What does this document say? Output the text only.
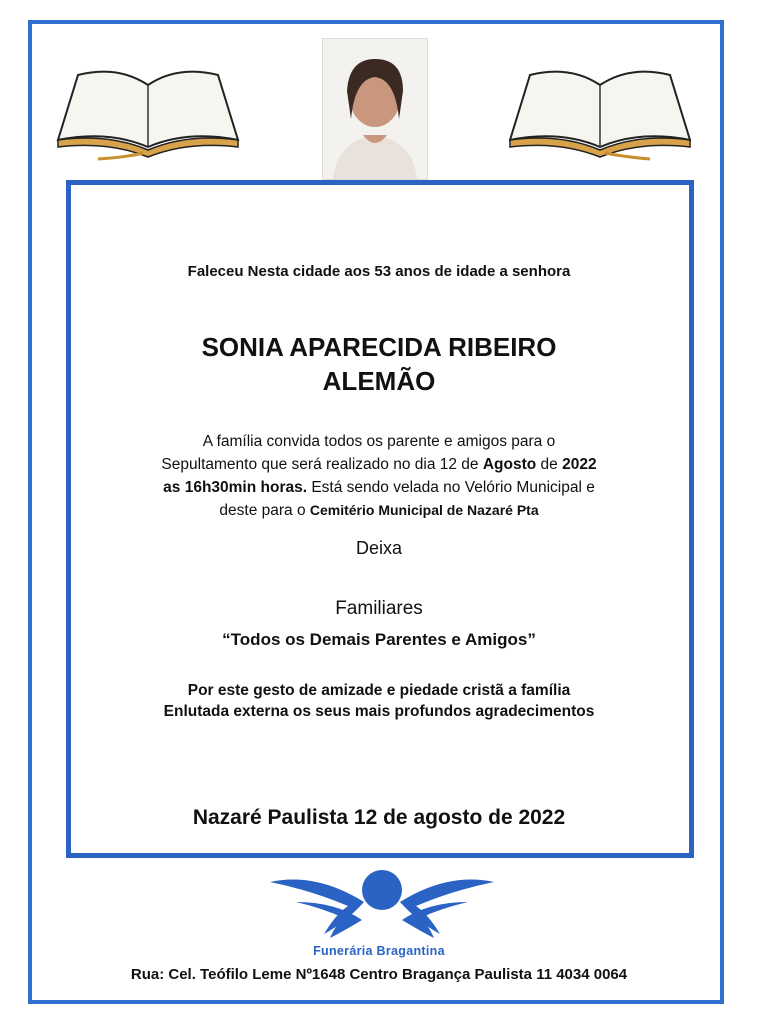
Faleceu Nesta cidade aos 53 anos de idade a senhora
SONIA APARECIDA RIBEIRO
ALEMÃO
A família convida todos os parente e amigos para o
Sepultamento que será realizado no dia 12 de Agosto de 2022
as 16h30min horas. Está sendo velada no Velório Municipal e
deste para o Cemitério Municipal de Nazaré Pta
Deixa
Familiares
“Todos os Demais Parentes e Amigos”
Por este gesto de amizade e piedade cristã a família
Enlutada externa os seus mais profundos agradecimentos
Nazaré Paulista 12 de agosto de 2022
Funerária Bragantina
Rua: Cel. Teófilo Leme Nº1648 Centro Bragança Paulista 11 4034 0064
